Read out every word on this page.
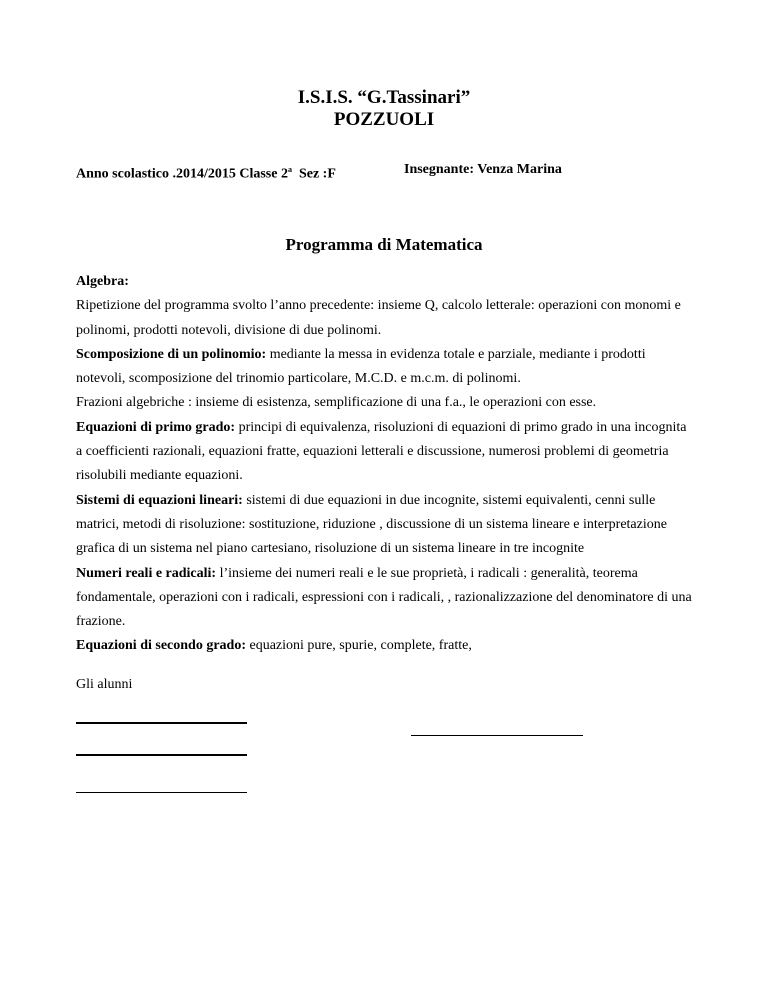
I.S.I.S. “G.Tassinari”
POZZUOLI
Anno scolastico .2014/2015 Classe 2$^a$  Sez :F	Insegnante: Venza Marina
Programma di Matematica

Algebra:

Ripetizione del programma svolto l’anno precedente: insieme Q, calcolo letterale: operazioni con monomi e polinomi, prodotti notevoli, divisione di due polinomi.

Scomposizione di un polinomio: mediante la messa in evidenza totale e parziale, mediante i prodotti notevoli, scomposizione del trinomio particolare, M.C.D. e m.c.m. di polinomi.

Frazioni algebriche : insieme di esistenza, semplificazione di una f.a., le operazioni con esse.

Equazioni di primo grado: principi di equivalenza, risoluzioni di equazioni di primo grado in una incognita a coefficienti razionali, equazioni fratte, equazioni letterali e discussione, numerosi problemi di geometria risolubili mediante equazioni.

Sistemi di equazioni lineari: sistemi di due equazioni in due incognite, sistemi equivalenti, cenni sulle matrici, metodi di risoluzione: sostituzione, riduzione , discussione di un sistema lineare e interpretazione grafica di un sistema nel piano cartesiano, risoluzione di un sistema lineare in tre incognite

Numeri reali e radicali: l’insieme dei numeri reali e le sue proprietà, i radicali : generalità, teorema fondamentale, operazioni con i radicali, espressioni con i radicali, , razionalizzazione del denominatore di una frazione.

Equazioni di secondo grado: equazioni pure, spurie, complete, fratte,

Gli alunni
